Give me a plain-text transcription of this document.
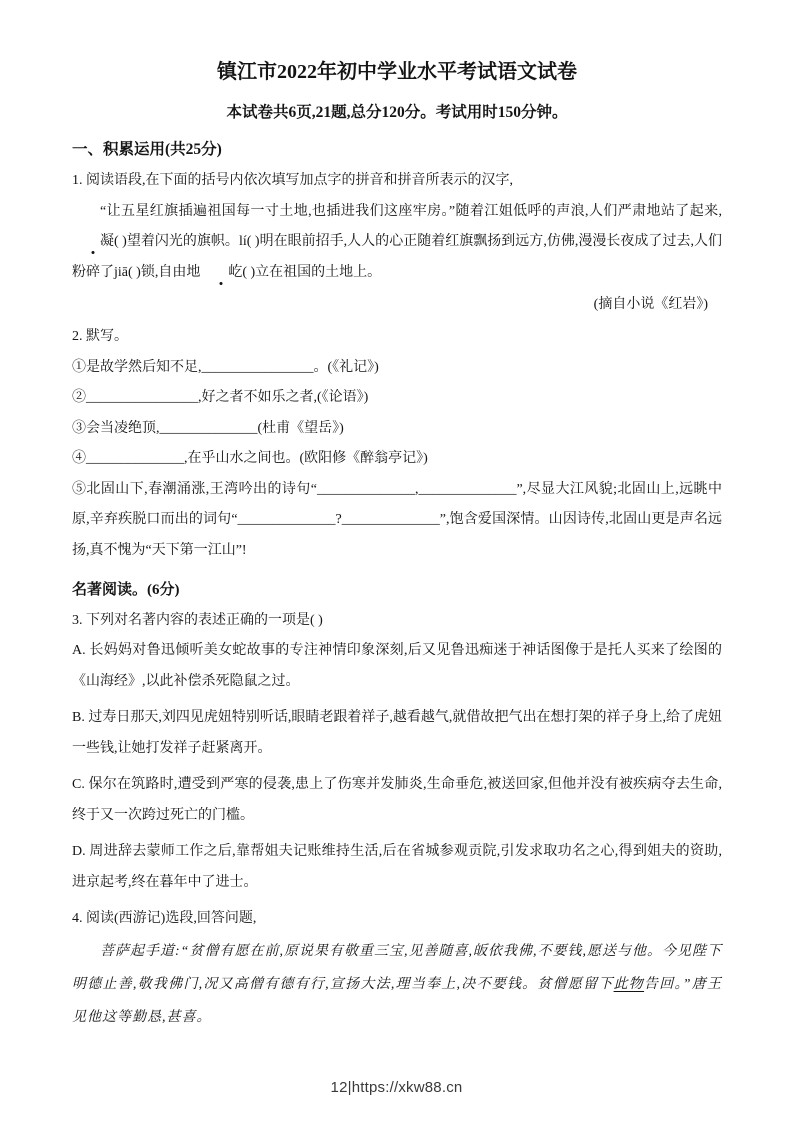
镇江市2022年初中学业水平考试语文试卷

本试卷共6页,21题,总分120分。考试用时150分钟。

一、积累运用(共25分)

1. 阅读语段,在下面的括号内依次填写加点字的拼音和拼音所表示的汉字,

“让五星红旗插遍祖国每一寸土地,也插进我们这座牢房。”随着江姐低呼的声浪,人们严肃地站了起来,凝( )望着闪光的旗帜。lí( )明在眼前招手,人人的心正随着红旗飘扬到远方,仿佛,漫漫长夜成了过去,人们粉碎了jiā( )锁,自由地 屹( )立在祖国的土地上。

(摘自小说《红岩》)

2. 默写。

①是故学然后知不足,________________。(《礼记》)

②________________,好之者不如乐之者,(《论语》)

③会当凌绝顶,______________(杜甫《望岳》)

④______________,在乎山水之间也。(欧阳修《醉翁亭记》)

⑤北固山下,春潮涌涨,王湾吟出的诗句“______________,______________”,尽显大江风貌;北固山上,远眺中原,辛弃疾脱口而出的词句“______________?______________”,饱含爱国深情。山因诗传,北固山更是声名远扬,真不愧为“天下第一江山”!

名著阅读。(6分)

3. 下列对名著内容的表述正确的一项是( )

A. 长妈妈对鲁迅倾听美女蛇故事的专注神情印象深刻,后又见鲁迅痴迷于神话图像于是托人买来了绘图的《山海经》,以此补偿杀死隐鼠之过。

B. 过寿日那天,刘四见虎妞特别听话,眼睛老跟着祥子,越看越气,就借故把气出在想打架的祥子身上,给了虎妞一些钱,让她打发祥子赶紧离开。

C. 保尔在筑路时,遭受到严寒的侵袭,患上了伤寒并发肺炎,生命垂危,被送回家,但他并没有被疾病夺去生命,终于又一次跨过死亡的门槛。

D. 周进辞去蒙师工作之后,靠帮姐夫记账维持生活,后在省城参观贡院,引发求取功名之心,得到姐夫的资助,进京起考,终在暮年中了进士。

4. 阅读(西游记)选段,回答问题,

菩萨起手道:“贫僧有愿在前,原说果有敬重三宝,见善随喜,皈依我佛,不要钱,愿送与他。今见陛下明德止善,敬我佛门,况又高僧有德有行,宣扬大法,理当奉上,决不要钱。贫僧愿留下此物告回。”唐王见他这等勤恳,甚喜。

12|https://xkw88.cn
